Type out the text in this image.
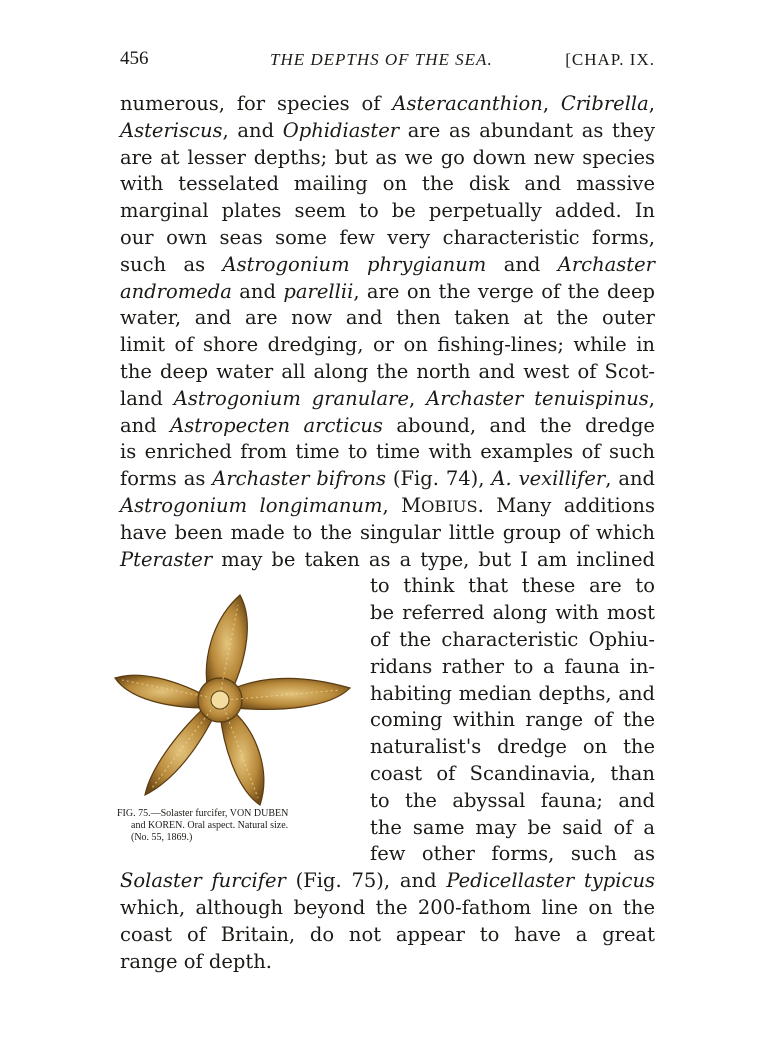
456	THE DEPTHS OF THE SEA.	[CHAP. IX.
numerous, for species of Asteracanthion, Cribrella,
Asteriscus, and Ophidiaster are as abundant as they
are at lesser depths; but as we go down new species
with tesselated mailing on the disk and massive
marginal plates seem to be perpetually added. In
our own seas some few very characteristic forms,
such as Astrogonium phrygianum and Archaster
andromeda and parellii, are on the verge of the deep
water, and are now and then taken at the outer
limit of shore dredging, or on fishing-lines; while in
the deep water all along the north and west of Scot-
land Astrogonium granulare, Archaster tenuispinus,
and Astropecten arcticus abound, and the dredge
is enriched from time to time with examples of such
forms as Archaster bifrons (Fig. 74), A. vexillifer, and
Astrogonium longimanum, MOBIUS. Many additions
have been made to the singular little group of which
Pteraster may be taken as a type, but I am inclined
to think that these are to
be referred along with most
of the characteristic Ophiu-
ridans rather to a fauna in-
habiting median depths, and
coming within range of the
naturalist's dredge on the
coast of Scandinavia, than
to the abyssal fauna; and
the same may be said of a
few other forms, such as
Solaster furcifer (Fig. 75), and Pedicellaster typicus
which, although beyond the 200-fathom line on the
coast of Britain, do not appear to have a great
range of depth.
FIG. 75.—Solaster furcifer, VON DUBEN
and KOREN. Oral aspect. Natural size.
(No. 55, 1869.)
